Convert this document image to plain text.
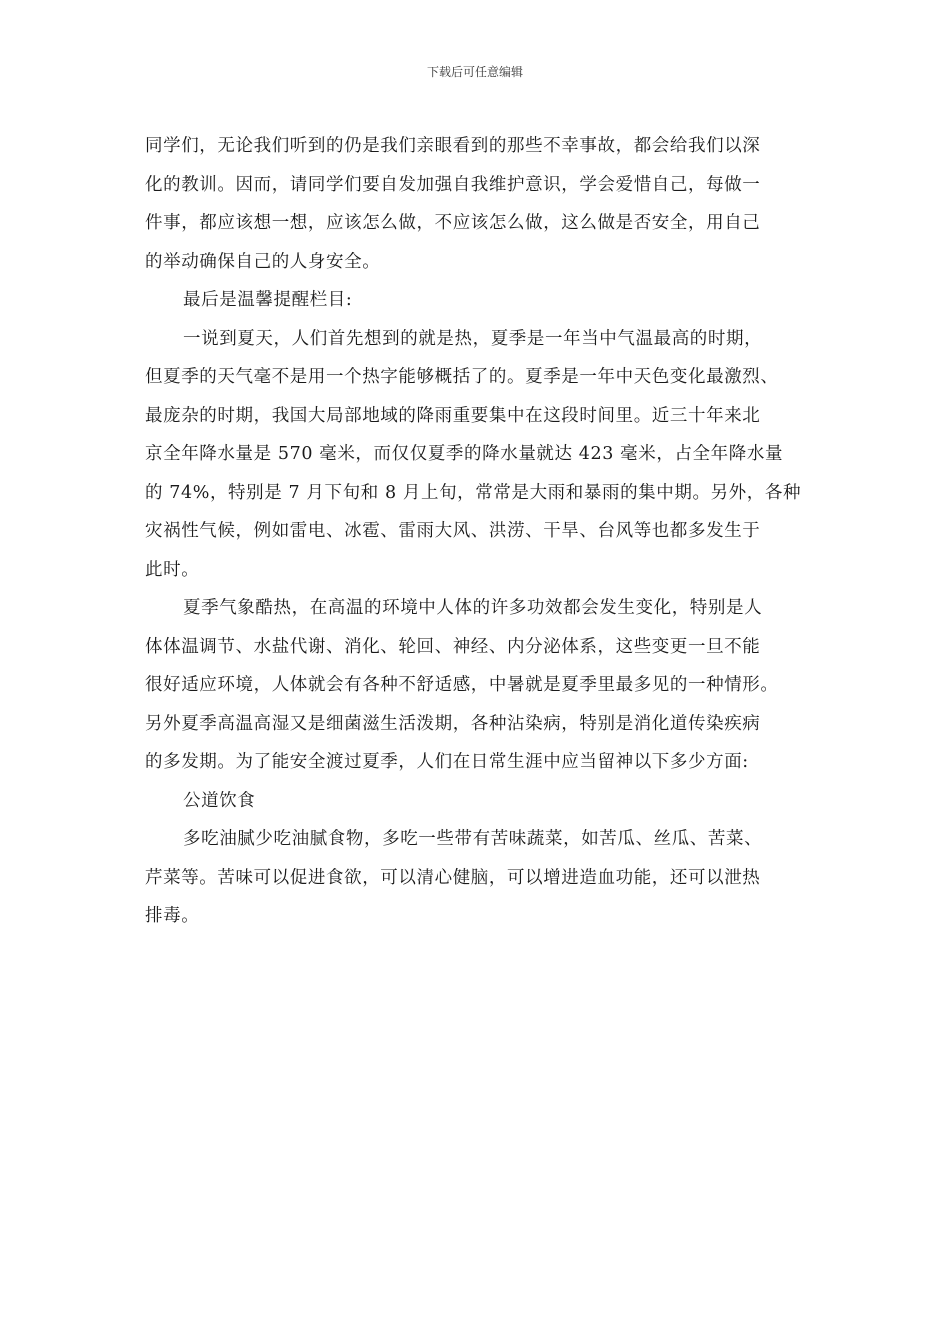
下载后可任意编辑

同学们，无论我们听到的仍是我们亲眼看到的那些不幸事故，都会给我们以深
化的教训。因而，请同学们要自发加强自我维护意识，学会爱惜自己，每做一
件事，都应该想一想，应该怎么做，不应该怎么做，这么做是否安全，用自己
的举动确保自己的人身安全。

最后是温馨提醒栏目:

一说到夏天，人们首先想到的就是热，夏季是一年当中气温最高的时期，
但夏季的天气毫不是用一个热字能够概括了的。夏季是一年中天色变化最激烈、
最庞杂的时期，我国大局部地域的降雨重要集中在这段时间里。近三十年来北
京全年降水量是 570 毫米，而仅仅夏季的降水量就达 423 毫米，占全年降水量
的 74%，特别是 7 月下旬和 8 月上旬，常常是大雨和暴雨的集中期。另外，各种
灾祸性气候，例如雷电、冰雹、雷雨大风、洪涝、干旱、台风等也都多发生于
此时。

夏季气象酷热，在高温的环境中人体的许多功效都会发生变化，特别是人
体体温调节、水盐代谢、消化、轮回、神经、内分泌体系，这些变更一旦不能
很好适应环境，人体就会有各种不舒适感，中暑就是夏季里最多见的一种情形。
另外夏季高温高湿又是细菌滋生活泼期，各种沾染病，特别是消化道传染疾病
的多发期。为了能安全渡过夏季，人们在日常生涯中应当留神以下多少方面:

公道饮食

多吃油腻少吃油腻食物，多吃一些带有苦味蔬菜，如苦瓜、丝瓜、苦菜、
芹菜等。苦味可以促进食欲，可以清心健脑，可以增进造血功能，还可以泄热
排毒。
